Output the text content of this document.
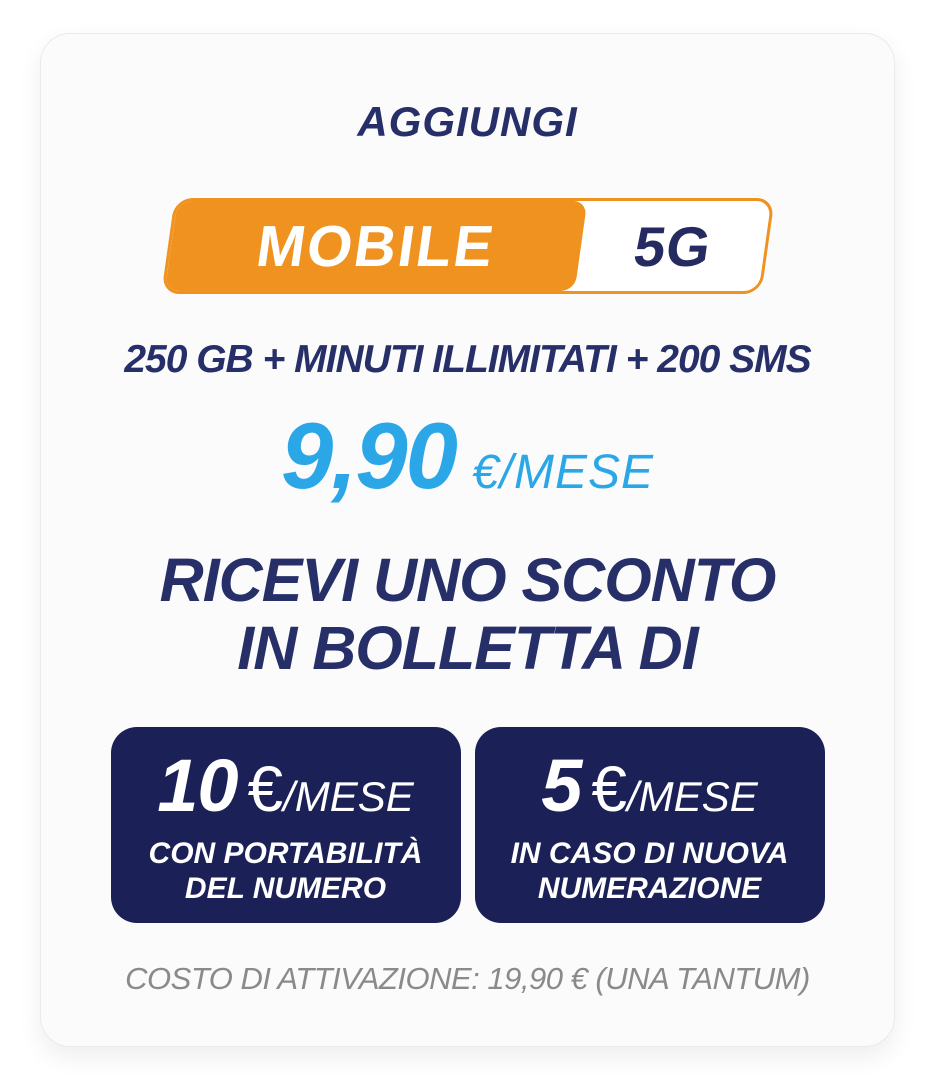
AGGIUNGI
MOBILE	5G
250 GB + MINUTI ILLIMITATI + 200 SMS
9,90 €/MESE
RICEVI UNO SCONTO
IN BOLLETTA DI
10 €/MESE
CON PORTABILITÀ
DEL NUMERO
5 €/MESE
IN CASO DI NUOVA
NUMERAZIONE
COSTO DI ATTIVAZIONE: 19,90 € (UNA TANTUM)
